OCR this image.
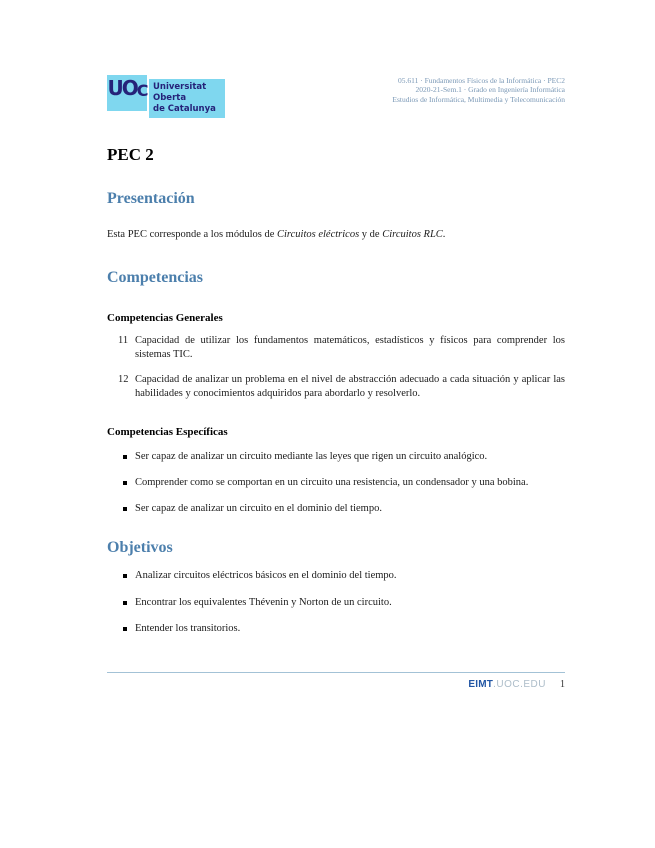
U O C Universitat Oberta
de Catalunya
05.611 · Fundamentos Físicos de la Informática · PEC2
2020-21-Sem.1 · Grado en Ingeniería Informática
Estudios de Informática, Multimedia y Telecomunicación
PEC 2
Presentación

Esta PEC corresponde a los módulos de Circuitos eléctricos y de Circuitos RLC.

Competencias
Competencias Generales
11 Capacidad de utilizar los fundamentos matemáticos, estadísticos y físicos para comprender los sistemas TIC.
12 Capacidad de analizar un problema en el nivel de abstracción adecuado a cada situación y aplicar las habilidades y conocimientos adquiridos para abordarlo y resolverlo.
Competencias Específicas
Ser capaz de analizar un circuito mediante las leyes que rigen un circuito analógico.
Comprender como se comportan en un circuito una resistencia, un condensador y una bobina.
Ser capaz de analizar un circuito en el dominio del tiempo.
Objetivos
Analizar circuitos eléctricos básicos en el dominio del tiempo.
Encontrar los equivalentes Thévenin y Norton de un circuito.
Entender los transitorios.
EIMT .UOC.EDU 1
